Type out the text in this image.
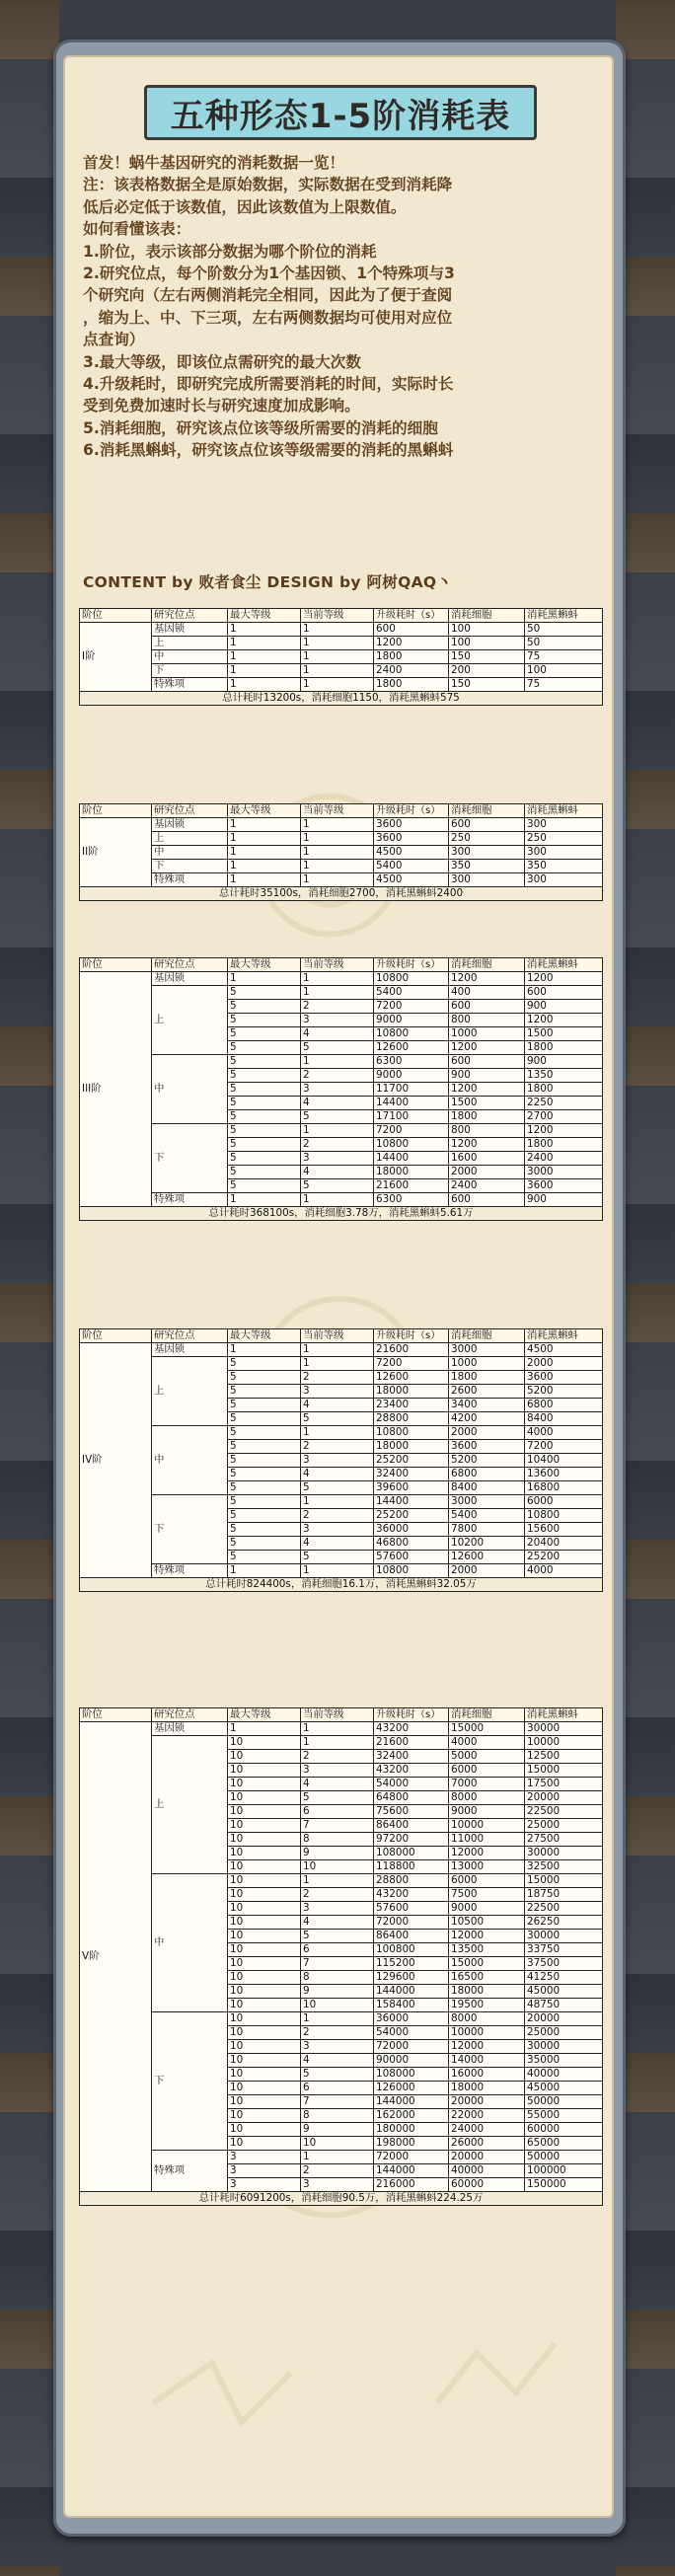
五种形态1-5阶消耗表

首发！蜗牛基因研究的消耗数据一览！

注：该表格数据全是原始数据，实际数据在受到消耗降

低后必定低于该数值，因此该数值为上限数值。

如何看懂该表：

1.阶位，表示该部分数据为哪个阶位的消耗

2.研究位点，每个阶数分为1个基因锁、1个特殊项与3

个研究向（左右两侧消耗完全相同，因此为了便于查阅

，缩为上、中、下三项，左右两侧数据均可使用对应位

点查询）

3.最大等级，即该位点需研究的最大次数

4.升级耗时，即研究完成所需要消耗的时间，实际时长

受到免费加速时长与研究速度加成影响。

5.消耗细胞，研究该点位该等级所需要的消耗的细胞

6.消耗黑蝌蚪，研究该点位该等级需要的消耗的黑蝌蚪

CONTENT by 败者食尘 DESIGN by 阿树QAQ丶
阶位	研究位点	最大等级	当前等级	升级耗时（s）	消耗细胞	消耗黑蝌蚪
I阶	基因锁	1	1	600	100	50
	上	1	1	1200	100	50
	中	1	1	1800	150	75
	下	1	1	2400	200	100
	特殊项	1	1	1800	150	75
总计耗时13200s，消耗细胞1150，消耗黑蝌蚪575						
阶位	研究位点	最大等级	当前等级	升级耗时（s）	消耗细胞	消耗黑蝌蚪
II阶	基因锁	1	1	3600	600	300
	上	1	1	3600	250	250
	中	1	1	4500	300	300
	下	1	1	5400	350	350
	特殊项	1	1	4500	300	300
总计耗时35100s，消耗细胞2700，消耗黑蝌蚪2400						
阶位	研究位点	最大等级	当前等级	升级耗时（s）	消耗细胞	消耗黑蝌蚪
III阶	基因锁	1	1	10800	1200	1200
	上	5	1	5400	400	600
		5	2	7200	600	900
		5	3	9000	800	1200
		5	4	10800	1000	1500
		5	5	12600	1200	1800
	中	5	1	6300	600	900
		5	2	9000	900	1350
		5	3	11700	1200	1800
		5	4	14400	1500	2250
		5	5	17100	1800	2700
	下	5	1	7200	800	1200
		5	2	10800	1200	1800
		5	3	14400	1600	2400
		5	4	18000	2000	3000
		5	5	21600	2400	3600
	特殊项	1	1	6300	600	900
总计耗时368100s，消耗细胞3.78万，消耗黑蝌蚪5.61万						
阶位	研究位点	最大等级	当前等级	升级耗时（s）	消耗细胞	消耗黑蝌蚪
IV阶	基因锁	1	1	21600	3000	4500
	上	5	1	7200	1000	2000
		5	2	12600	1800	3600
		5	3	18000	2600	5200
		5	4	23400	3400	6800
		5	5	28800	4200	8400
	中	5	1	10800	2000	4000
		5	2	18000	3600	7200
		5	3	25200	5200	10400
		5	4	32400	6800	13600
		5	5	39600	8400	16800
	下	5	1	14400	3000	6000
		5	2	25200	5400	10800
		5	3	36000	7800	15600
		5	4	46800	10200	20400
		5	5	57600	12600	25200
	特殊项	1	1	10800	2000	4000
总计耗时824400s，消耗细胞16.1万，消耗黑蝌蚪32.05万						
阶位	研究位点	最大等级	当前等级	升级耗时（s）	消耗细胞	消耗黑蝌蚪
V阶	基因锁	1	1	43200	15000	30000
	上	10	1	21600	4000	10000
		10	2	32400	5000	12500
		10	3	43200	6000	15000
		10	4	54000	7000	17500
		10	5	64800	8000	20000
		10	6	75600	9000	22500
		10	7	86400	10000	25000
		10	8	97200	11000	27500
		10	9	108000	12000	30000
		10	10	118800	13000	32500
	中	10	1	28800	6000	15000
		10	2	43200	7500	18750
		10	3	57600	9000	22500
		10	4	72000	10500	26250
		10	5	86400	12000	30000
		10	6	100800	13500	33750
		10	7	115200	15000	37500
		10	8	129600	16500	41250
		10	9	144000	18000	45000
		10	10	158400	19500	48750
	下	10	1	36000	8000	20000
		10	2	54000	10000	25000
		10	3	72000	12000	30000
		10	4	90000	14000	35000
		10	5	108000	16000	40000
		10	6	126000	18000	45000
		10	7	144000	20000	50000
		10	8	162000	22000	55000
		10	9	180000	24000	60000
		10	10	198000	26000	65000
	特殊项	3	1	72000	20000	50000
		3	2	144000	40000	100000
		3	3	216000	60000	150000
总计耗时6091200s，消耗细胞90.5万，消耗黑蝌蚪224.25万						
